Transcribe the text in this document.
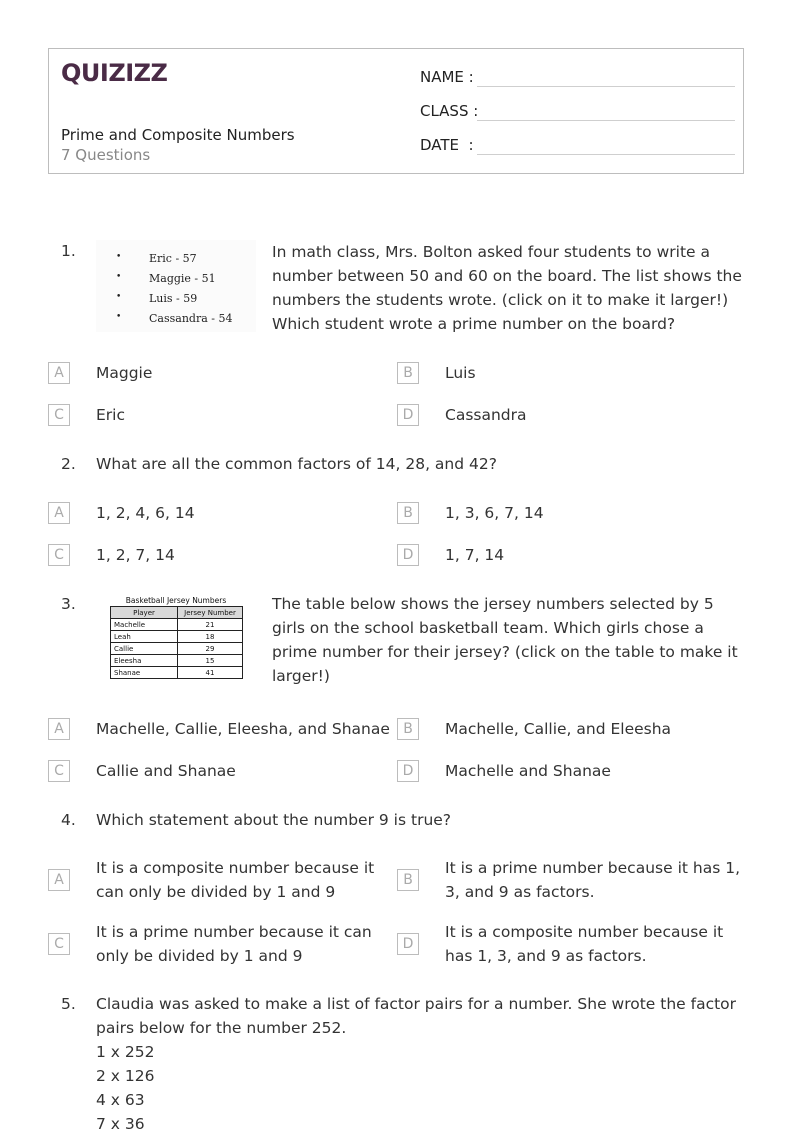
QUIZIZZ
Prime and Composite Numbers
7 Questions
NAME :
CLASS :
DATE  :
1.	• Eric - 57
• Maggie - 51
• Luis - 59
• Cassandra - 54
In math class, Mrs. Bolton asked four students to write a number between 50 and 60 on the board. The list shows the numbers the students wrote. (click on it to make it larger!) Which student wrote a prime number on the board?
A	Maggie	B	Luis
C	Eric	D	Cassandra
2. What are all the common factors of 14, 28, and 42?
A	1, 2, 4, 6, 14	B	1, 3, 6, 7, 14
C	1, 2, 7, 14	D	1, 7, 14
3.	Basketball Jersey Numbers
Player	Jersey Number
Machelle	21
Leah	18
Callie	29
Eleesha	15
Shanae	41
The table below shows the jersey numbers selected by 5 girls on the school basketball team. Which girls chose a prime number for their jersey? (click on the table to make it larger!)
A	Machelle, Callie, Eleesha, and Shanae B	Machelle, Callie, and Eleesha
C	Callie and Shanae	D	Machelle and Shanae
4. Which statement about the number 9 is true?
A
It is a composite number because it can only be divided by 1 and 9
B
It is a prime number because it has 1, 3, and 9 as factors.
C
It is a prime number because it can only be divided by 1 and 9
D
It is a composite number because it has 1, 3, and 9 as factors.
5. Claudia was asked to make a list of factor pairs for a number. She wrote the factor pairs below for the number 252.
1 x 252
2 x 126
4 x 63
7 x 36
